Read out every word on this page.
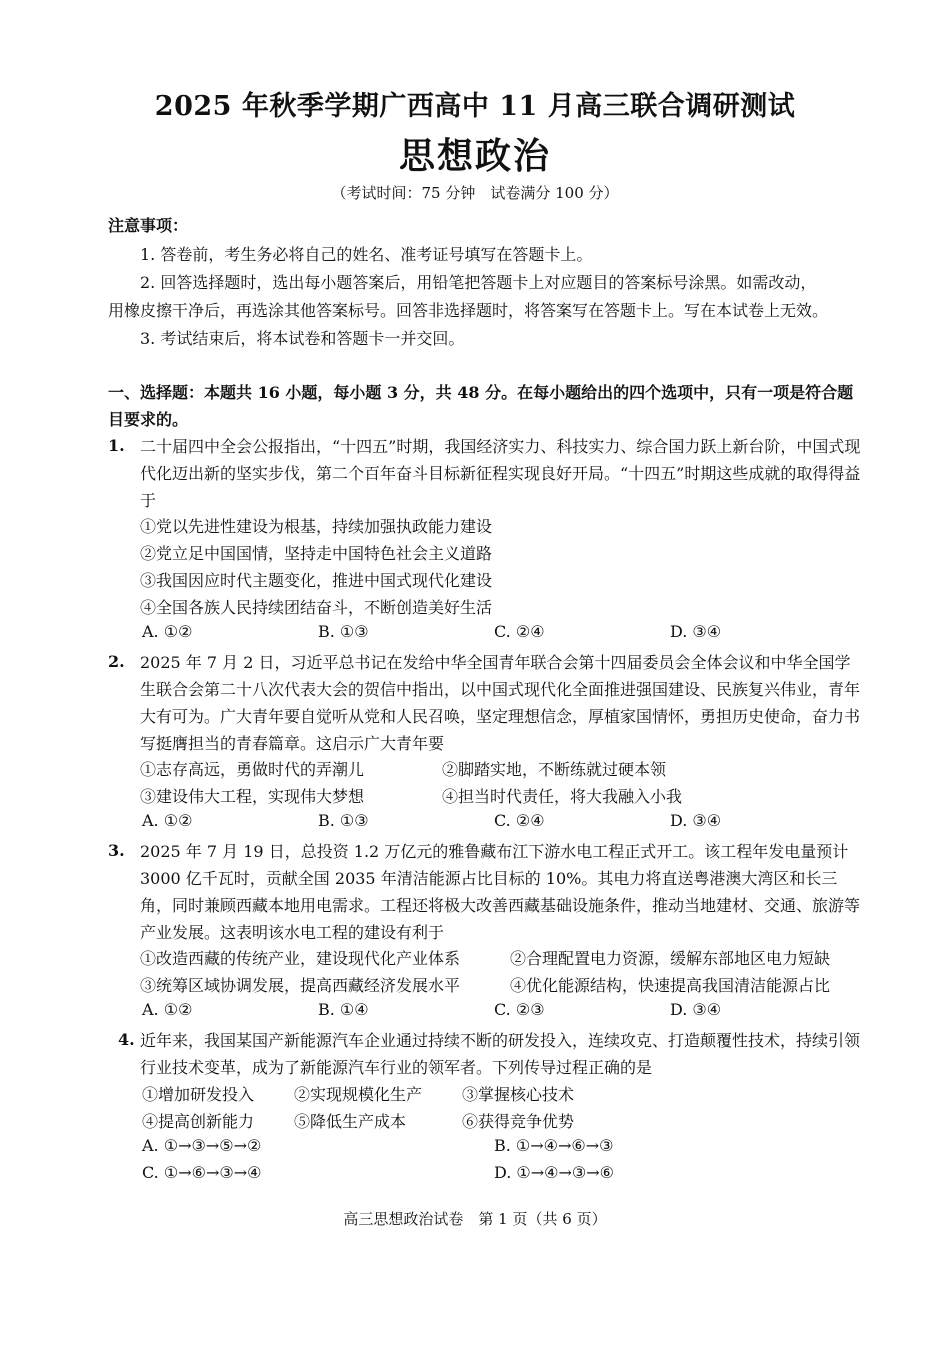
2025 年秋季学期广西高中 11 月高三联合调研测试
思想政治
（考试时间：75 分钟　试卷满分 100 分）
注意事项：
1. 答卷前，考生务必将自己的姓名、准考证号填写在答题卡上。
2. 回答选择题时，选出每小题答案后，用铅笔把答题卡上对应题目的答案标号涂黑。如需改动，
用橡皮擦干净后，再选涂其他答案标号。回答非选择题时，将答案写在答题卡上。写在本试卷上无效。
3. 考试结束后，将本试卷和答题卡一并交回。
一、选择题：本题共 16 小题，每小题 3 分，共 48 分。在每小题给出的四个选项中，只有一项是符合题
目要求的。
1. 二十届四中全会公报指出，“十四五”时期，我国经济实力、科技实力、综合国力跃上新台阶，中国式现代化迈出新的坚实步伐，第二个百年奋斗目标新征程实现良好开局。“十四五”时期这些成就的取得得益于
①党以先进性建设为根基，持续加强执政能力建设
②党立足中国国情，坚持走中国特色社会主义道路
③我国因应时代主题变化，推进中国式现代化建设
④全国各族人民持续团结奋斗，不断创造美好生活
A. ①②	B. ①③	C. ②④	D. ③④
2. 2025 年 7 月 2 日，习近平总书记在发给中华全国青年联合会第十四届委员会全体会议和中华全国学生联合会第二十八次代表大会的贺信中指出，以中国式现代化全面推进强国建设、民族复兴伟业，青年大有可为。广大青年要自觉听从党和人民召唤，坚定理想信念，厚植家国情怀，勇担历史使命，奋力书写挺膺担当的青春篇章。这启示广大青年要
①志存高远，勇做时代的弄潮儿	②脚踏实地，不断练就过硬本领
③建设伟大工程，实现伟大梦想	④担当时代责任，将大我融入小我
A. ①②	B. ①③	C. ②④	D. ③④
3. 2025 年 7 月 19 日，总投资 1.2 万亿元的雅鲁藏布江下游水电工程正式开工。该工程年发电量预计 3000 亿千瓦时，贡献全国 2035 年清洁能源占比目标的 10%。其电力将直送粤港澳大湾区和长三角，同时兼顾西藏本地用电需求。工程还将极大改善西藏基础设施条件，推动当地建材、交通、旅游等产业发展。这表明该水电工程的建设有利于
①改造西藏的传统产业，建设现代化产业体系	②合理配置电力资源，缓解东部地区电力短缺
③统筹区域协调发展，提高西藏经济发展水平	④优化能源结构，快速提高我国清洁能源占比
A. ①②	B. ①④	C. ②③	D. ③④
4. 近年来，我国某国产新能源汽车企业通过持续不断的研发投入，连续攻克、打造颠覆性技术，持续引领行业技术变革，成为了新能源汽车行业的领军者。下列传导过程正确的是
①增加研发投入 ②实现规模化生产 ③掌握核心技术
④提高创新能力 ⑤降低生产成本	⑥获得竞争优势
A. ①→③→⑤→②	B. ①→④→⑥→③
C. ①→⑥→③→④	D. ①→④→③→⑥
高三思想政治试卷　第 1 页（共 6 页）
